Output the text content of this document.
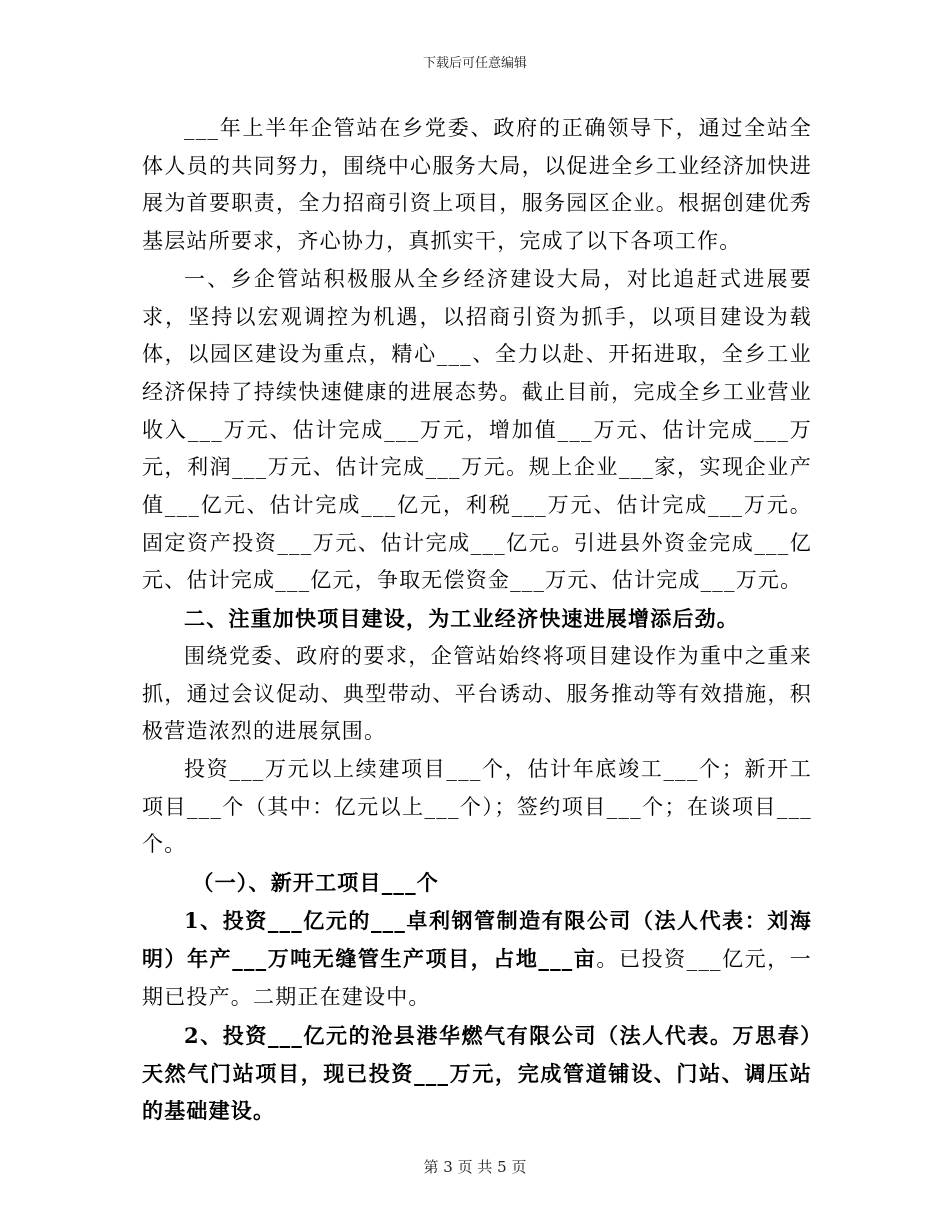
下载后可任意编辑

___年上半年企管站在乡党委、政府的正确领导下，通过全站全体人员的共同努力，围绕中心服务大局，以促进全乡工业经济加快进展为首要职责，全力招商引资上项目，服务园区企业。根据创建优秀基层站所要求，齐心协力，真抓实干，完成了以下各项工作。

一、乡企管站积极服从全乡经济建设大局，对比追赶式进展要求，坚持以宏观调控为机遇，以招商引资为抓手，以项目建设为载体，以园区建设为重点，精心___、全力以赴、开拓进取，全乡工业经济保持了持续快速健康的进展态势。截止目前，完成全乡工业营业收入___万元、估计完成___万元，增加值___万元、估计完成___万元，利润___万元、估计完成___万元。规上企业___家，实现企业产值___亿元、估计完成___亿元，利税___万元、估计完成___万元。固定资产投资___万元、估计完成___亿元。引进县外资金完成___亿元、估计完成___亿元，争取无偿资金___万元、估计完成___万元。

二、注重加快项目建设，为工业经济快速进展增添后劲。

围绕党委、政府的要求，企管站始终将项目建设作为重中之重来抓，通过会议促动、典型带动、平台诱动、服务推动等有效措施，积极营造浓烈的进展氛围。

投资___万元以上续建项目___个，估计年底竣工___个；新开工项目___个（其中：亿元以上___个）；签约项目___个；在谈项目___个。

（一）、新开工项目___个

1、投资___亿元的___卓利钢管制造有限公司（法人代表：刘海明）年产___万吨无缝管生产项目，占地___亩。已投资___亿元，一期已投产。二期正在建设中。

2、投资___亿元的沧县港华燃气有限公司（法人代表。万思春）天然气门站项目，现已投资___万元，完成管道铺设、门站、调压站的基础建设。

第 3 页 共 5 页
